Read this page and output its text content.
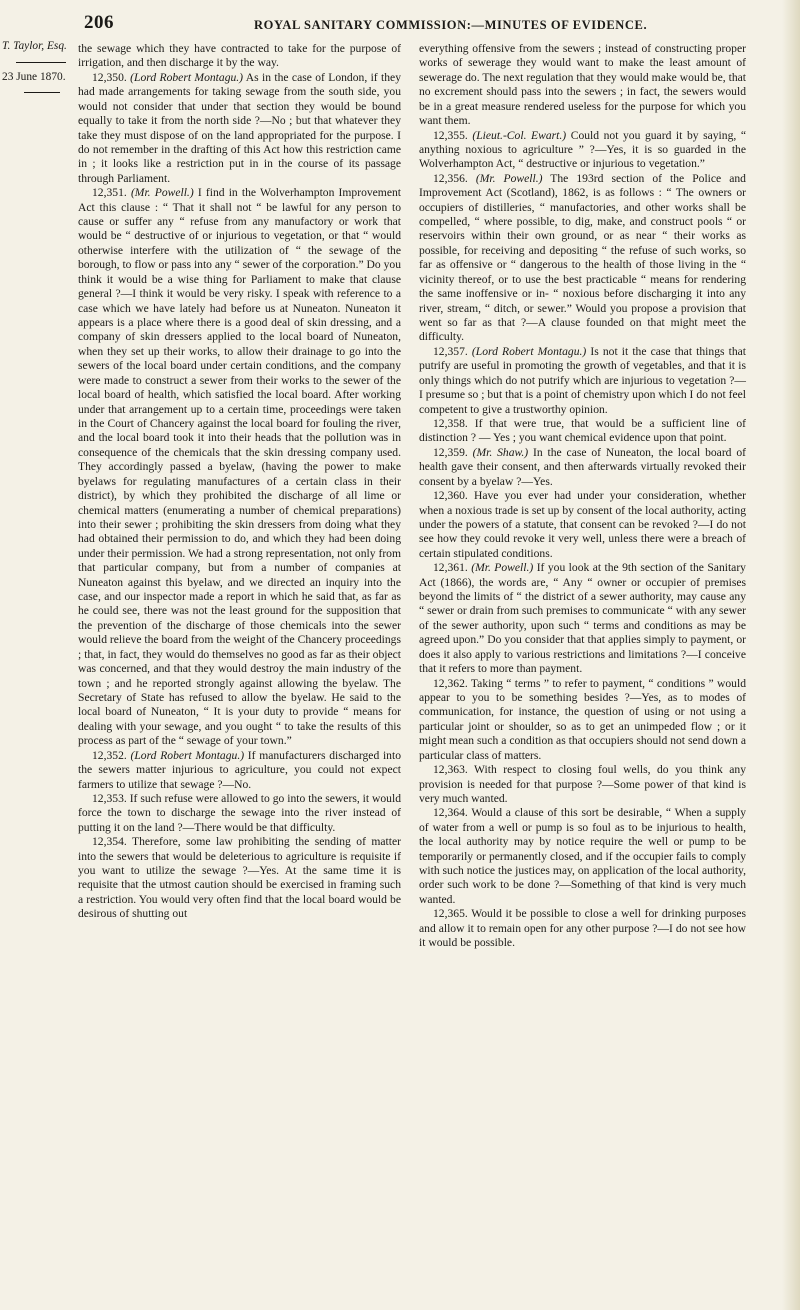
206	ROYAL SANITARY COMMISSION:—MINUTES OF EVIDENCE.
T. Taylor, Esq.
23 June 1870.

the sewage which they have contracted to take for the purpose of irrigation, and then discharge it by the way.

12,350. (Lord Robert Montagu.) As in the case of London, if they had made arrangements for taking sewage from the south side, you would not consider that under that section they would be bound equally to take it from the north side ?—No ; but that whatever they take they must dispose of on the land appropriated for the purpose. I do not remember in the drafting of this Act how this restriction came in ; it looks like a restriction put in in the course of its passage through Parliament.

12,351. (Mr. Powell.) I find in the Wolverhampton Improvement Act this clause : “ That it shall not “ be lawful for any person to cause or suffer any “ refuse from any manufactory or work that would be “ destructive of or injurious to vegetation, or that “ would otherwise interfere with the utilization of “ the sewage of the borough, to flow or pass into any “ sewer of the corporation.” Do you think it would be a wise thing for Parliament to make that clause general ?—I think it would be very risky. I speak with reference to a case which we have lately had before us at Nuneaton. Nuneaton it appears is a place where there is a good deal of skin dressing, and a company of skin dressers applied to the local board of Nuneaton, when they set up their works, to allow their drainage to go into the sewers of the local board under certain conditions, and the company were made to construct a sewer from their works to the sewer of the local board of health, which satisfied the local board. After working under that arrangement up to a certain time, proceedings were taken in the Court of Chancery against the local board for fouling the river, and the local board took it into their heads that the pollution was in consequence of the chemicals that the skin dressing company used. They accordingly passed a byelaw, (having the power to make byelaws for regulating manufactures of a certain class in their district), by which they prohibited the discharge of all lime or chemical matters (enumerating a number of chemical preparations) into their sewer ; prohibiting the skin dressers from doing what they had obtained their permission to do, and which they had been doing under their permission. We had a strong representation, not only from that particular company, but from a number of companies at Nuneaton against this byelaw, and we directed an inquiry into the case, and our inspector made a report in which he said that, as far as he could see, there was not the least ground for the supposition that the prevention of the discharge of those chemicals into the sewer would relieve the board from the weight of the Chancery proceedings ; that, in fact, they would do themselves no good as far as their object was concerned, and that they would destroy the main industry of the town ; and he reported strongly against allowing the byelaw. The Secretary of State has refused to allow the byelaw. He said to the local board of Nuneaton, “ It is your duty to provide “ means for dealing with your sewage, and you ought “ to take the results of this process as part of the “ sewage of your town.”

12,352. (Lord Robert Montagu.) If manufacturers discharged into the sewers matter injurious to agriculture, you could not expect farmers to utilize that sewage ?—No.

12,353. If such refuse were allowed to go into the sewers, it would force the town to discharge the sewage into the river instead of putting it on the land ?—There would be that difficulty.

12,354. Therefore, some law prohibiting the sending of matter into the sewers that would be deleterious to agriculture is requisite if you want to utilize the sewage ?—Yes. At the same time it is requisite that the utmost caution should be exercised in framing such a restriction. You would very often find that the local board would be desirous of shutting out

everything offensive from the sewers ; instead of constructing proper works of sewerage they would want to make the least amount of sewerage do. The next regulation that they would make would be, that no excrement should pass into the sewers ; in fact, the sewers would be in a great measure rendered useless for the purpose for which you want them.

12,355. (Lieut.-Col. Ewart.) Could not you guard it by saying, “ anything noxious to agriculture ” ?—Yes, it is so guarded in the Wolverhampton Act, “ destructive or injurious to vegetation.”

12,356. (Mr. Powell.) The 193rd section of the Police and Improvement Act (Scotland), 1862, is as follows : “ The owners or occupiers of distilleries, “ manufactories, and other works shall be compelled, “ where possible, to dig, make, and construct pools “ or reservoirs within their own ground, or as near “ their works as possible, for receiving and depositing “ the refuse of such works, so far as offensive or “ dangerous to the health of those living in the “ vicinity thereof, or to use the best practicable “ means for rendering the same inoffensive or in- “ noxious before discharging it into any river, stream, “ ditch, or sewer.” Would you propose a provision that went so far as that ?—A clause founded on that might meet the difficulty.

12,357. (Lord Robert Montagu.) Is not it the case that things that putrify are useful in promoting the growth of vegetables, and that it is only things which do not putrify which are injurious to vegetation ?—I presume so ; but that is a point of chemistry upon which I do not feel competent to give a trustworthy opinion.

12,358. If that were true, that would be a sufficient line of distinction ? — Yes ; you want chemical evidence upon that point.

12,359. (Mr. Shaw.) In the case of Nuneaton, the local board of health gave their consent, and then afterwards virtually revoked their consent by a byelaw ?—Yes.

12,360. Have you ever had under your consideration, whether when a noxious trade is set up by consent of the local authority, acting under the powers of a statute, that consent can be revoked ?—I do not see how they could revoke it very well, unless there were a breach of certain stipulated conditions.

12,361. (Mr. Powell.) If you look at the 9th section of the Sanitary Act (1866), the words are, “ Any “ owner or occupier of premises beyond the limits of “ the district of a sewer authority, may cause any “ sewer or drain from such premises to communicate “ with any sewer of the sewer authority, upon such “ terms and conditions as may be agreed upon.” Do you consider that that applies simply to payment, or does it also apply to various restrictions and limitations ?—I conceive that it refers to more than payment.

12,362. Taking “ terms ” to refer to payment, “ conditions ” would appear to you to be something besides ?—Yes, as to modes of communication, for instance, the question of using or not using a particular joint or shoulder, so as to get an unimpeded flow ; or it might mean such a condition as that occupiers should not send down a particular class of matters.

12,363. With respect to closing foul wells, do you think any provision is needed for that purpose ?—Some power of that kind is very much wanted.

12,364. Would a clause of this sort be desirable, “ When a supply of water from a well or pump is so foul as to be injurious to health, the local authority may by notice require the well or pump to be temporarily or permanently closed, and if the occupier fails to comply with such notice the justices may, on application of the local authority, order such work to be done ?—Something of that kind is very much wanted.

12,365. Would it be possible to close a well for drinking purposes and allow it to remain open for any other purpose ?—I do not see how it would be possible.
